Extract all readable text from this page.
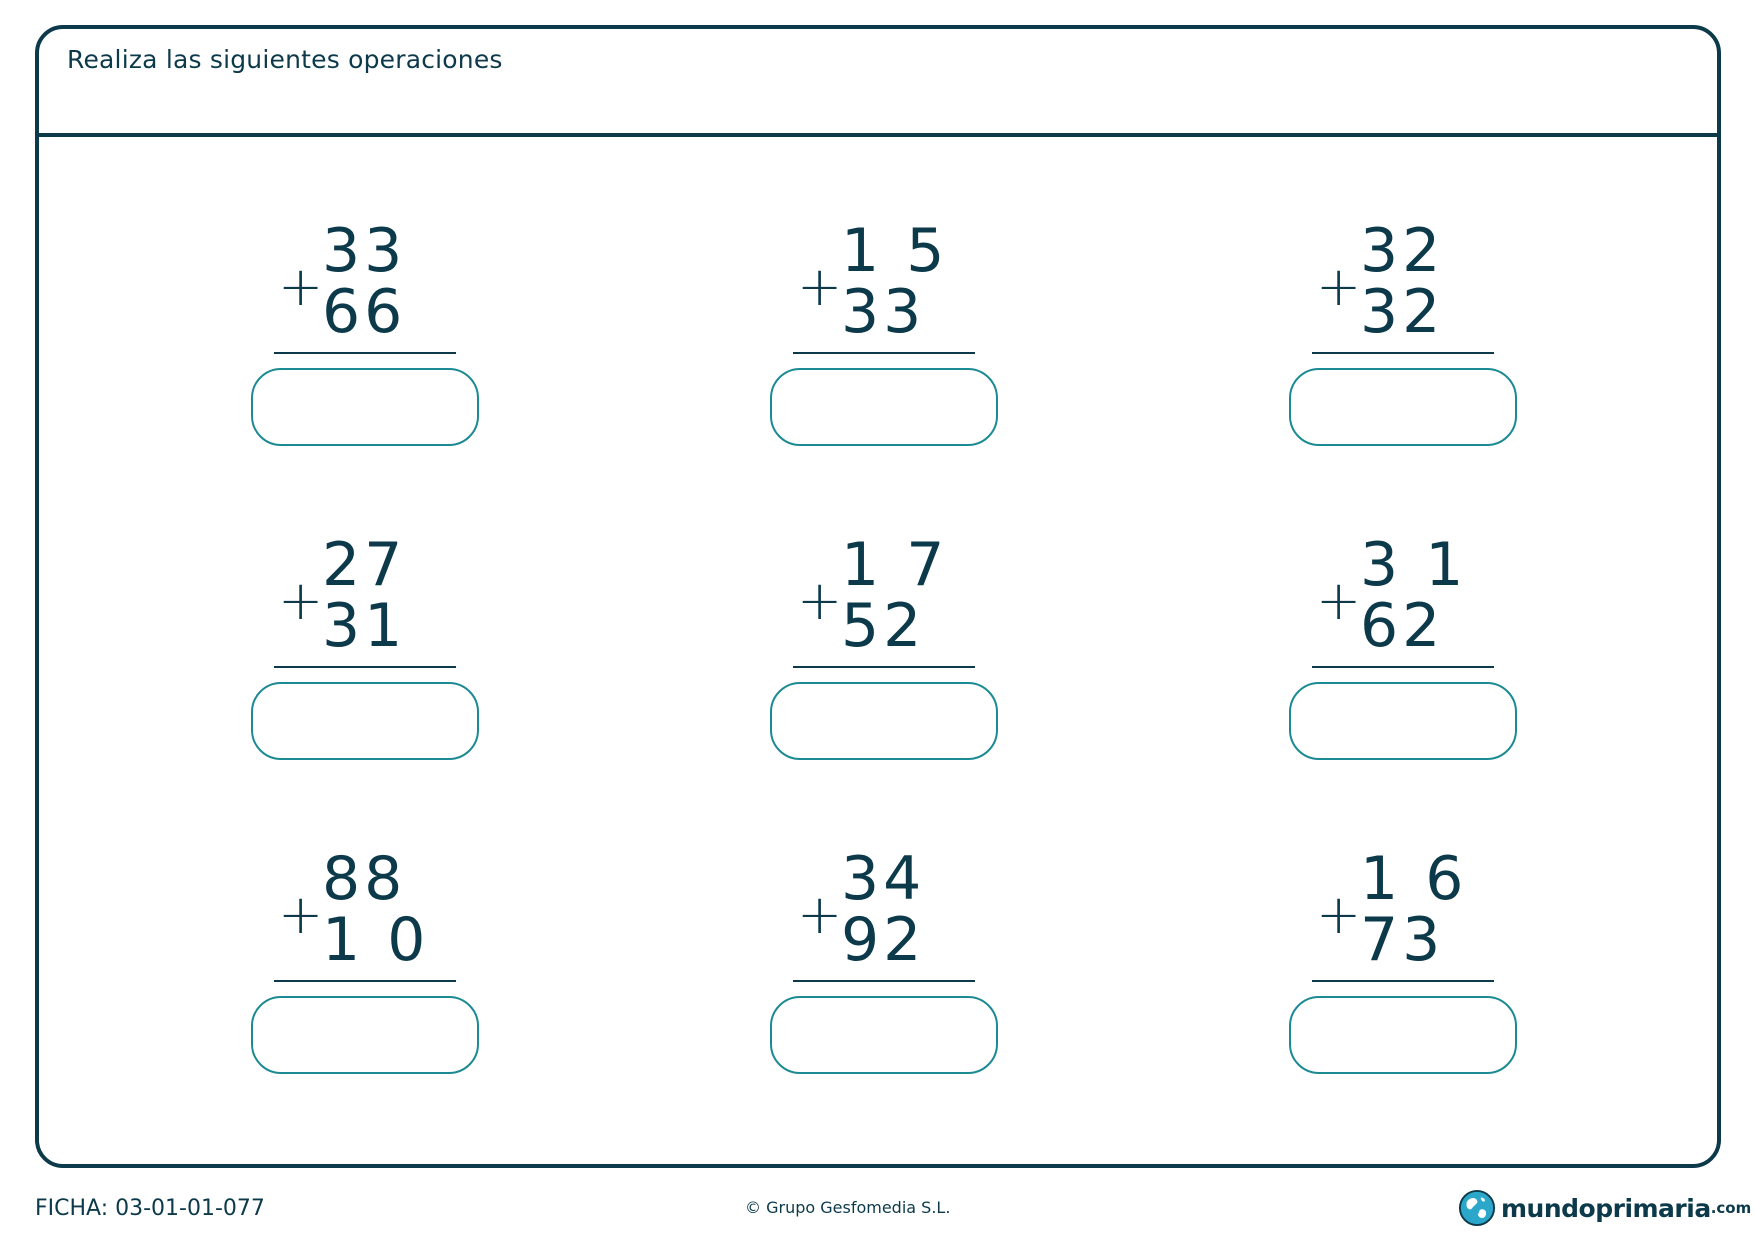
Realiza las siguientes operaciones
+
33
66	+
1 5
33	+
32
32
+
27
31	+
1 7
52	+
3 1
62
+
88
1 0	+
34
92	+
1 6
73
FICHA: 03-01-01-077	© Grupo Gesfomedia S.L.	mundoprimaria .com
